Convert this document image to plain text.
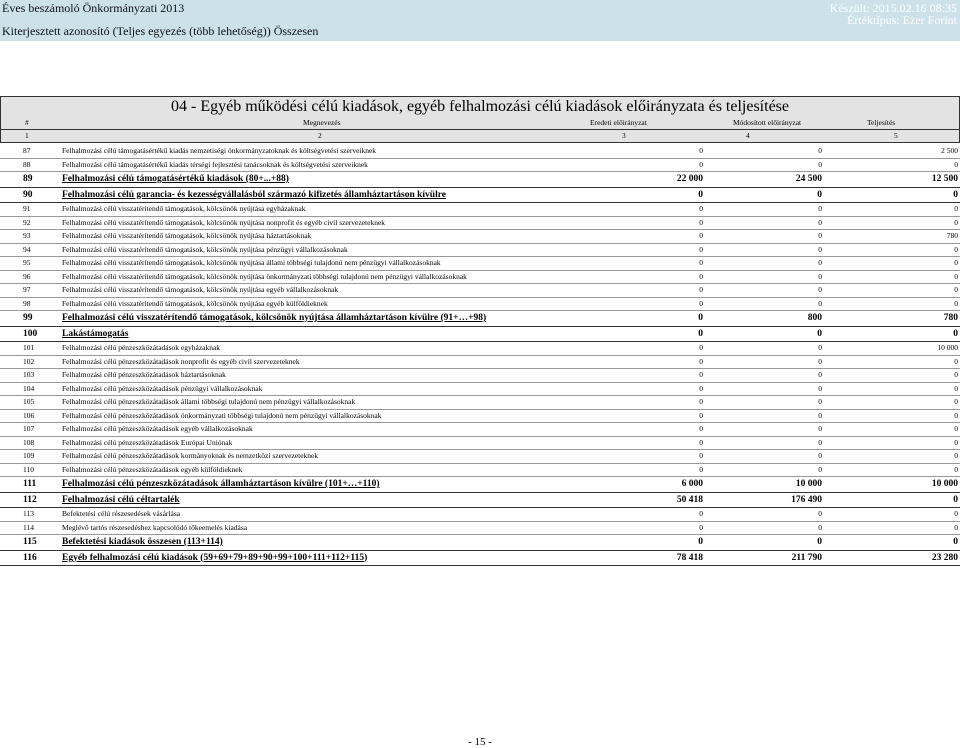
Éves beszámoló Önkormányzati 2013
Kiterjesztett azonosító (Teljes egyezés (több lehetőség)) Összesen
Készült: 2015.02.16 08:35
Értéktípus: Ezer Forint
04 - Egyéb működési célú kiadások, egyéb felhalmozási célú kiadások előirányzata és teljesítése
#	Megnevezés	Eredeti előirányzat	Módosított előirányzat	Teljesítés
1	2	3	4	5
87	Felhalmozási célú támogatásértékű kiadás nemzetiségi önkormányzatoknak és költségvetési szerveiknek	0	0	2 500
88	Felhalmozási célú támogatásértékű kiadás térségi fejlesztési tanácsoknak és költségvetési szerveiknek	0	0	0
89	Felhalmozási célú támogatásértékű kiadások (80+...+88)	22 000	24 500	12 500
90	Felhalmozási célú garancia- és kezességvállalásból származó kifizetés államháztartáson kívülre	0	0	0
91	Felhalmozási célú visszatérítendő támogatások, kölcsönök nyújtása egyházaknak	0	0	0
92	Felhalmozási célú visszatérítendő támogatások, kölcsönök nyújtása nonprofit és egyéb civil szervezeteknek	0	0	0
93	Felhalmozási célú visszatérítendő támogatások, kölcsönök nyújtása háztartásoknak	0	0	780
94	Felhalmozási célú visszatérítendő támogatások, kölcsönök nyújtása pénzügyi vállalkozásoknak	0	0	0
95	Felhalmozási célú visszatérítendő támogatások, kölcsönök nyújtása állami többségi tulajdonú nem pénzügyi vállalkozásoknak	0	0	0
96	Felhalmozási célú visszatérítendő támogatások, kölcsönök nyújtása önkormányzati többségi tulajdonú nem pénzügyi vállalkozásoknak	0	0	0
97	Felhalmozási célú visszatérítendő támogatások, kölcsönök nyújtása egyéb vállalkozásoknak	0	0	0
98	Felhalmozási célú visszatérítendő támogatások, kölcsönök nyújtása egyéb külföldieknek	0	0	0
99	Felhalmozási célú visszatérítendő támogatások, kölcsönök nyújtása államháztartáson kívülre (91+…+98)	0	800	780
100	Lakástámogatás	0	0	0
101	Felhalmozási célú pénzeszközátadások egyházaknak	0	0	10 000
102	Felhalmozási célú pénzeszközátadások nonprofit és egyéb civil szervezeteknek	0	0	0
103	Felhalmozási célú pénzeszközátadások háztartásoknak	0	0	0
104	Felhalmozási célú pénzeszközátadások pénzügyi vállalkozásoknak	0	0	0
105	Felhalmozási célú pénzeszközátadások állami többségi tulajdonú nem pénzügyi vállalkozásoknak	0	0	0
106	Felhalmozási célú pénzeszközátadások önkormányzati többségi tulajdonú nem pénzügyi vállalkozásoknak	0	0	0
107	Felhalmozási célú pénzeszközátadások egyéb vállalkozásoknak	0	0	0
108	Felhalmozási célú pénzeszközátadások Európai Uniónak	0	0	0
109	Felhalmozási célú pénzeszközátadások kormányoknak és nemzetközi szervezeteknek	0	0	0
110	Felhalmozási célú pénzeszközátadások egyéb külföldieknek	0	0	0
111	Felhalmozási célú pénzeszközátadások államháztartáson kívülre (101+…+110)	6 000	10 000	10 000
112	Felhalmozási célú céltartalék	50 418	176 490	0
113	Befektetési célú részesedések vásárlása	0	0	0
114	Meglévő tartós részesedéshez kapcsolódó tőkeemelés kiadása	0	0	0
115	Befektetési kiadások összesen (113+114)	0	0	0
116	Egyéb felhalmozási célú kiadások (59+69+79+89+90+99+100+111+112+115)	78 418	211 790	23 280
- 15 -
